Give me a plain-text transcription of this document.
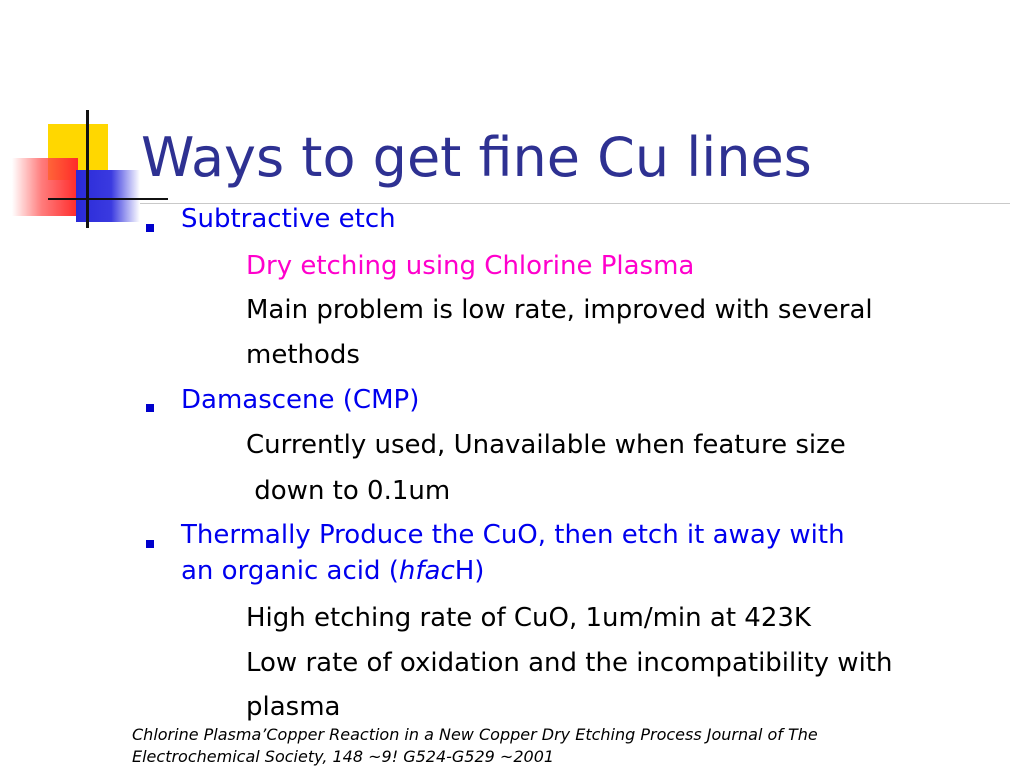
Ways to get fine Cu lines
Subtractive etch
Dry etching using Chlorine Plasma
Main problem is low rate, improved with several
methods
Damascene (CMP)
Currently used, Unavailable when feature size
down to 0.1um
Thermally Produce the CuO, then etch it away with
an organic acid (hfacH)
High etching rate of CuO, 1um/min at 423K
Low rate of oxidation and the incompatibility with
plasma
Chlorine Plasma’Copper Reaction in a New Copper Dry Etching Process Journal of The
Electrochemical Society, 148 ~9! G524-G529 ~2001
